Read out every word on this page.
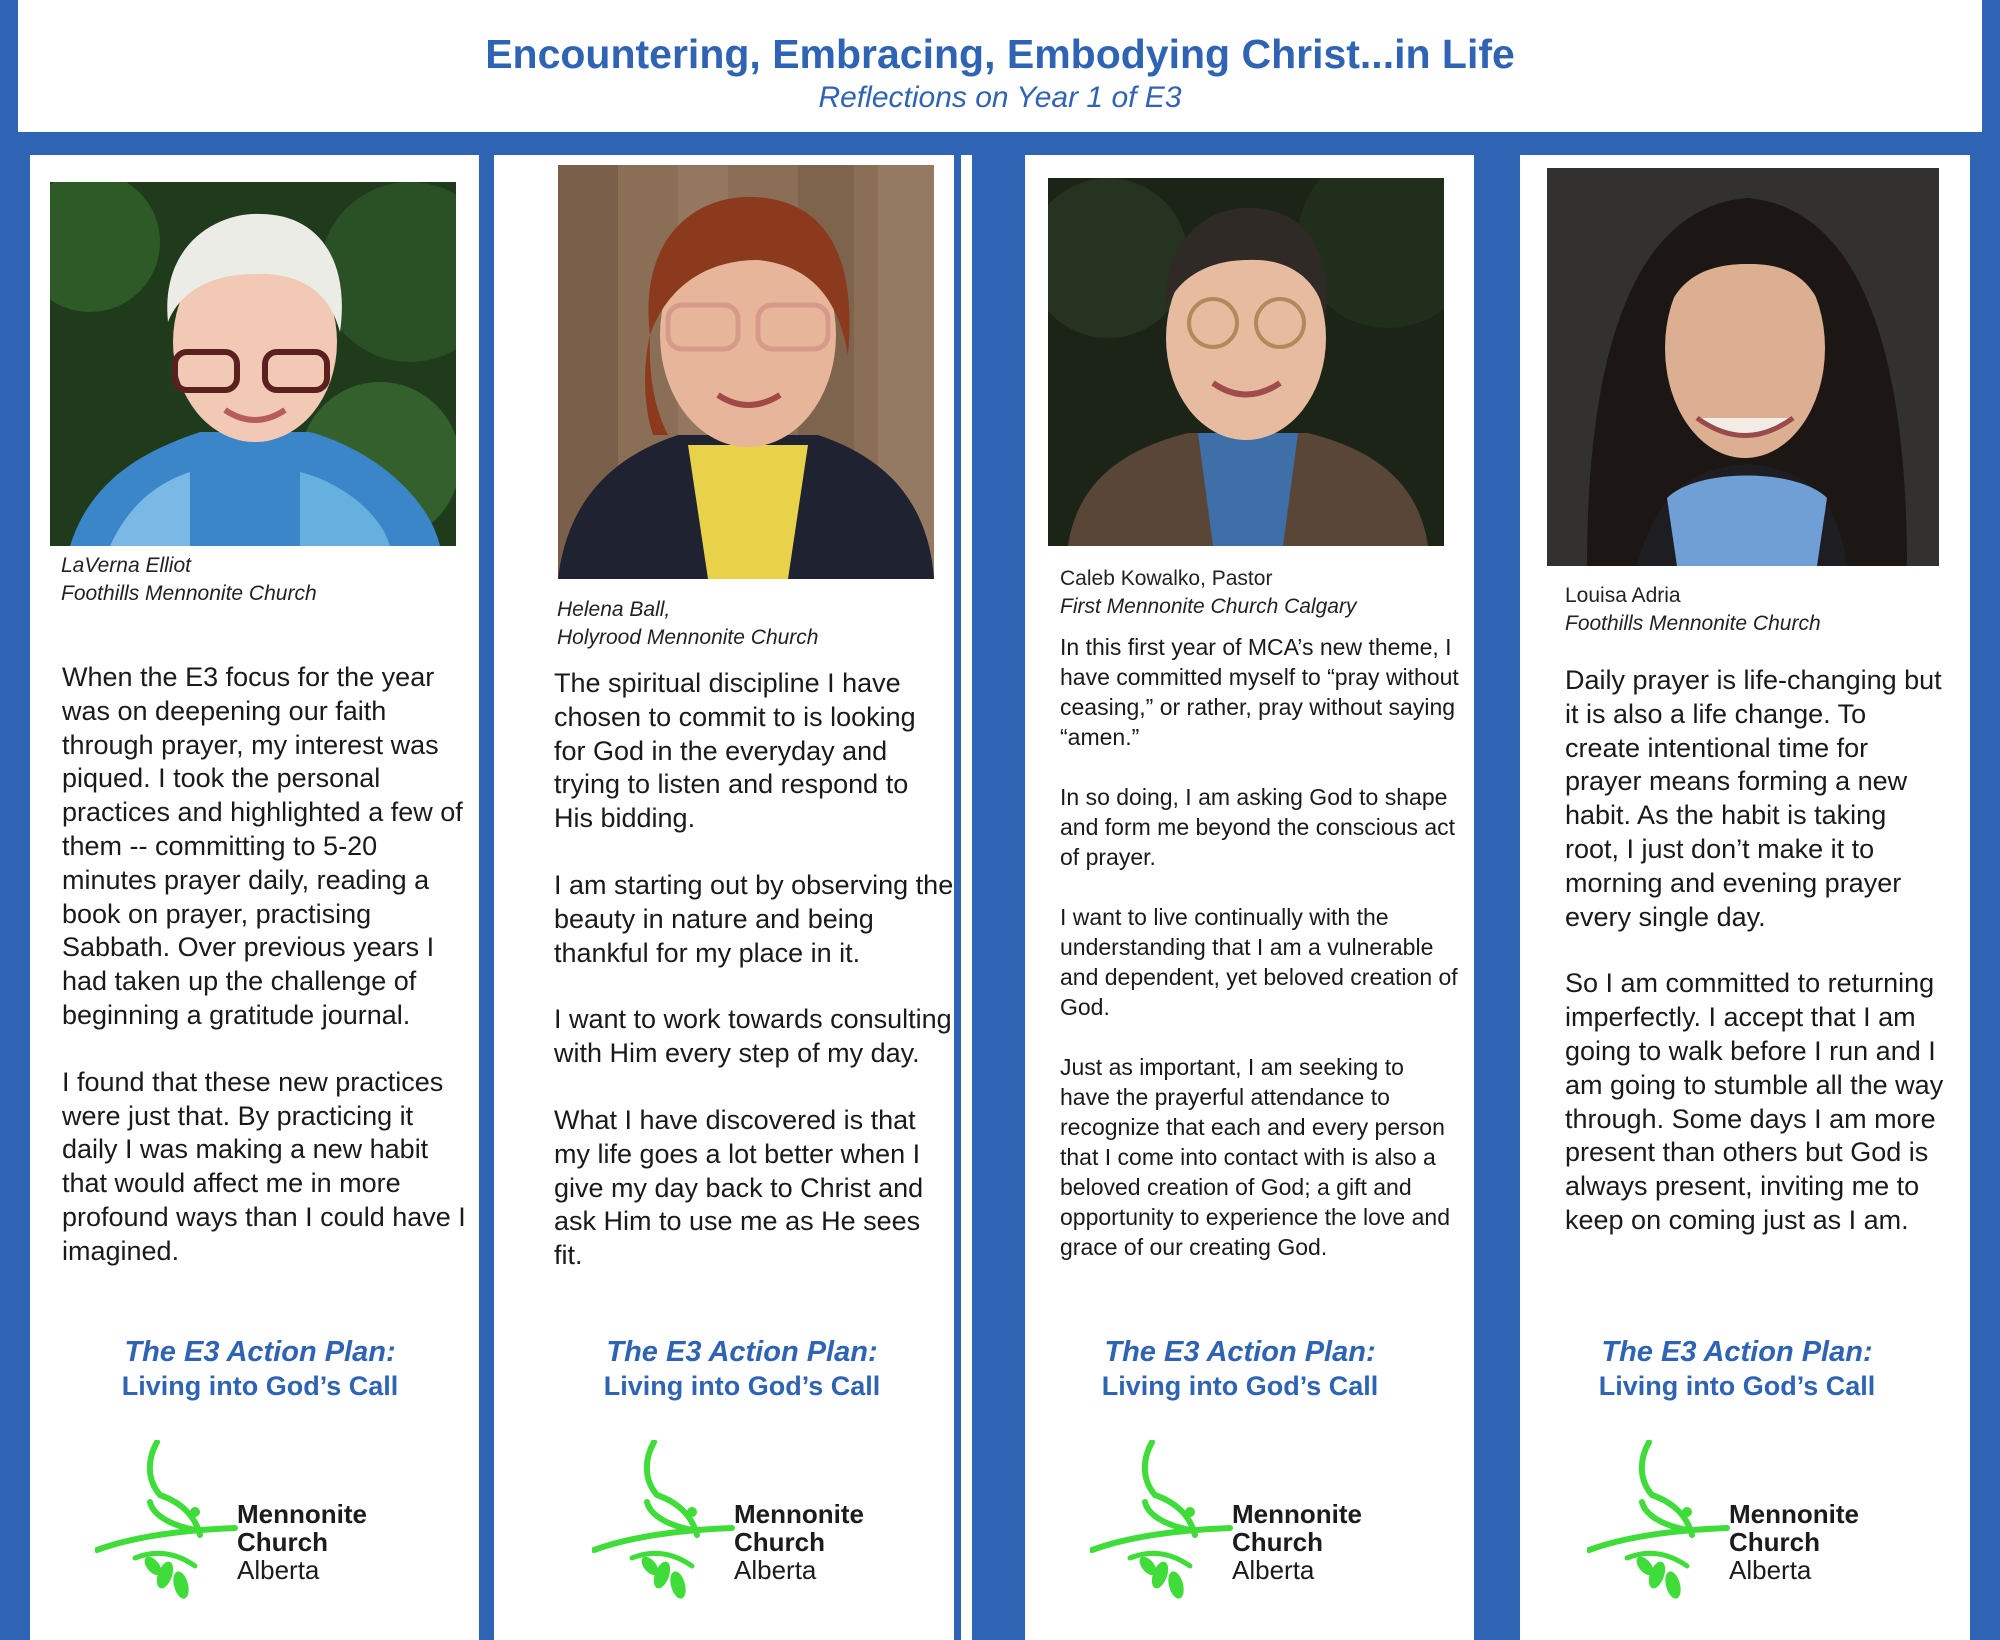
Encountering, Embracing, Embodying Christ...in Life
Reflections on Year 1 of E3
LaVerna Elliot
Foothills Mennonite Church

When the E3 focus for the year was on deepening our faith through prayer, my interest was piqued. I took the personal practices and highlighted a few of them -- committing to 5-20 minutes prayer daily, reading a book on prayer, practising Sabbath. Over previous years I had taken up the challenge of beginning a gratitude journal.

I found that these new practices were just that. By practicing it daily I was making a new habit that would affect me in more profound ways than I could have I imagined.

The E3 Action Plan:
Living into God’s Call
Mennonite
Church
Alberta
Helena Ball,
Holyrood Mennonite Church

The spiritual discipline I have chosen to commit to is looking for God in the everyday and trying to listen and respond to His bidding.

I am starting out by observing the beauty in nature and being thankful for my place in it.

I want to work towards consulting with Him every step of my day.

What I have discovered is that my life goes a lot better when I give my day back to Christ and ask Him to use me as He sees fit.

The E3 Action Plan:
Living into God’s Call
Mennonite
Church
Alberta
Caleb Kowalko, Pastor
First Mennonite Church Calgary

In this first year of MCA’s new theme, I have committed myself to “pray without ceasing,” or rather, pray without saying “amen.”

In so doing, I am asking God to shape and form me beyond the conscious act of prayer.

I want to live continually with the understanding that I am a vulnerable and dependent, yet beloved creation of God.

Just as important, I am seeking to have the prayerful attendance to recognize that each and every person that I come into contact with is also a beloved creation of God; a gift and opportunity to experience the love and grace of our creating God.

The E3 Action Plan:
Living into God’s Call
Mennonite
Church
Alberta
Louisa Adria
Foothills Mennonite Church

Daily prayer is life-changing but it is also a life change. To create intentional time for prayer means forming a new habit. As the habit is taking root, I just don’t make it to morning and evening prayer every single day.

So I am committed to returning imperfectly. I accept that I am going to walk before I run and I am going to stumble all the way through. Some days I am more present than others but God is always present, inviting me to keep on coming just as I am.

The E3 Action Plan:
Living into God’s Call
Mennonite
Church
Alberta
